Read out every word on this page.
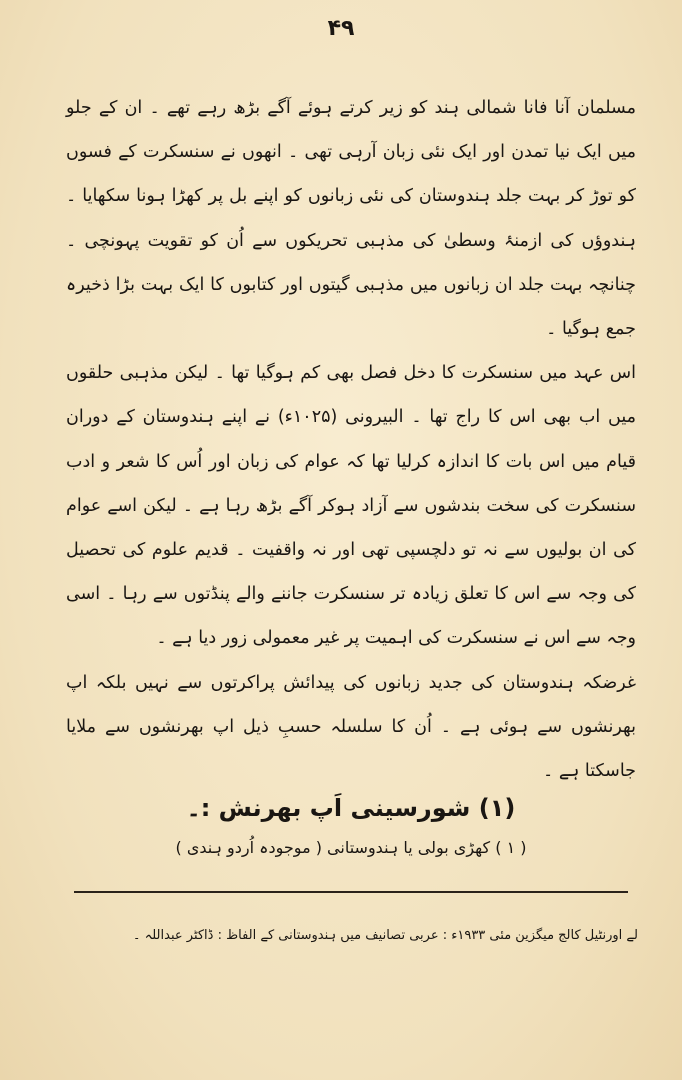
۴۹

مسلمان آنا فانا شمالی ہند کو زیر کرتے ہوئے آگے بڑھ رہے تھے ۔ ان کے جلو میں ایک نیا تمدن اور ایک نئی زبان آرہی تھی ۔ انھوں نے سنسکرت کے فسوں کو توڑ کر بہت جلد ہندوستان کی نئی زبانوں کو اپنے بل پر کھڑا ہونا سکھایا ۔ ہندوؤں کی ازمنۂ وسطیٰ کی مذہبی تحریکوں سے اُن کو تقویت پہونچی ۔ چنانچہ بہت جلد ان زبانوں میں مذہبی گیتوں اور کتابوں کا ایک بہت بڑا ذخیرہ جمع ہوگیا ۔

اس عہد میں سنسکرت کا دخل فصل بھی کم ہوگیا تھا ۔ لیکن مذہبی حلقوں میں اب بھی اس کا راج تھا ۔ البیرونی (۱۰۲۵ء) نے اپنے ہندوستان کے دوران قیام میں اس بات کا اندازہ کرلیا تھا کہ عوام کی زبان اور اُس کا شعر و ادب سنسکرت کی سخت بندشوں سے آزاد ہوکر آگے بڑھ رہا ہے ۔ لیکن اسے عوام کی ان بولیوں سے نہ تو دلچسپی تھی اور نہ واقفیت ۔ قدیم علوم کی تحصیل کی وجہ سے اس کا تعلق زیادہ تر سنسکرت جاننے والے پنڈتوں سے رہا ۔ اسی وجہ سے اس نے سنسکرت کی اہمیت پر غیر معمولی زور دیا ہے ۔

غرضکہ ہندوستان کی جدید زبانوں کی پیدائش پراکرتوں سے نہیں بلکہ اپ بھرنشوں سے ہوئی ہے ۔ اُن کا سلسلہ حسبِ ذیل اپ بھرنشوں سے ملایا جاسکتا ہے ۔

(۱) شورسینی اَپ بھرنش :۔
( ۱ ) کھڑی بولی یا ہندوستانی ( موجودہ اُردو ہندی )
لے اورنٹیل کالج میگزین مئی ۱۹۳۳ء : عربی تصانیف میں ہندوستانی کے الفاظ : ڈاکٹر عبداللہ ۔
